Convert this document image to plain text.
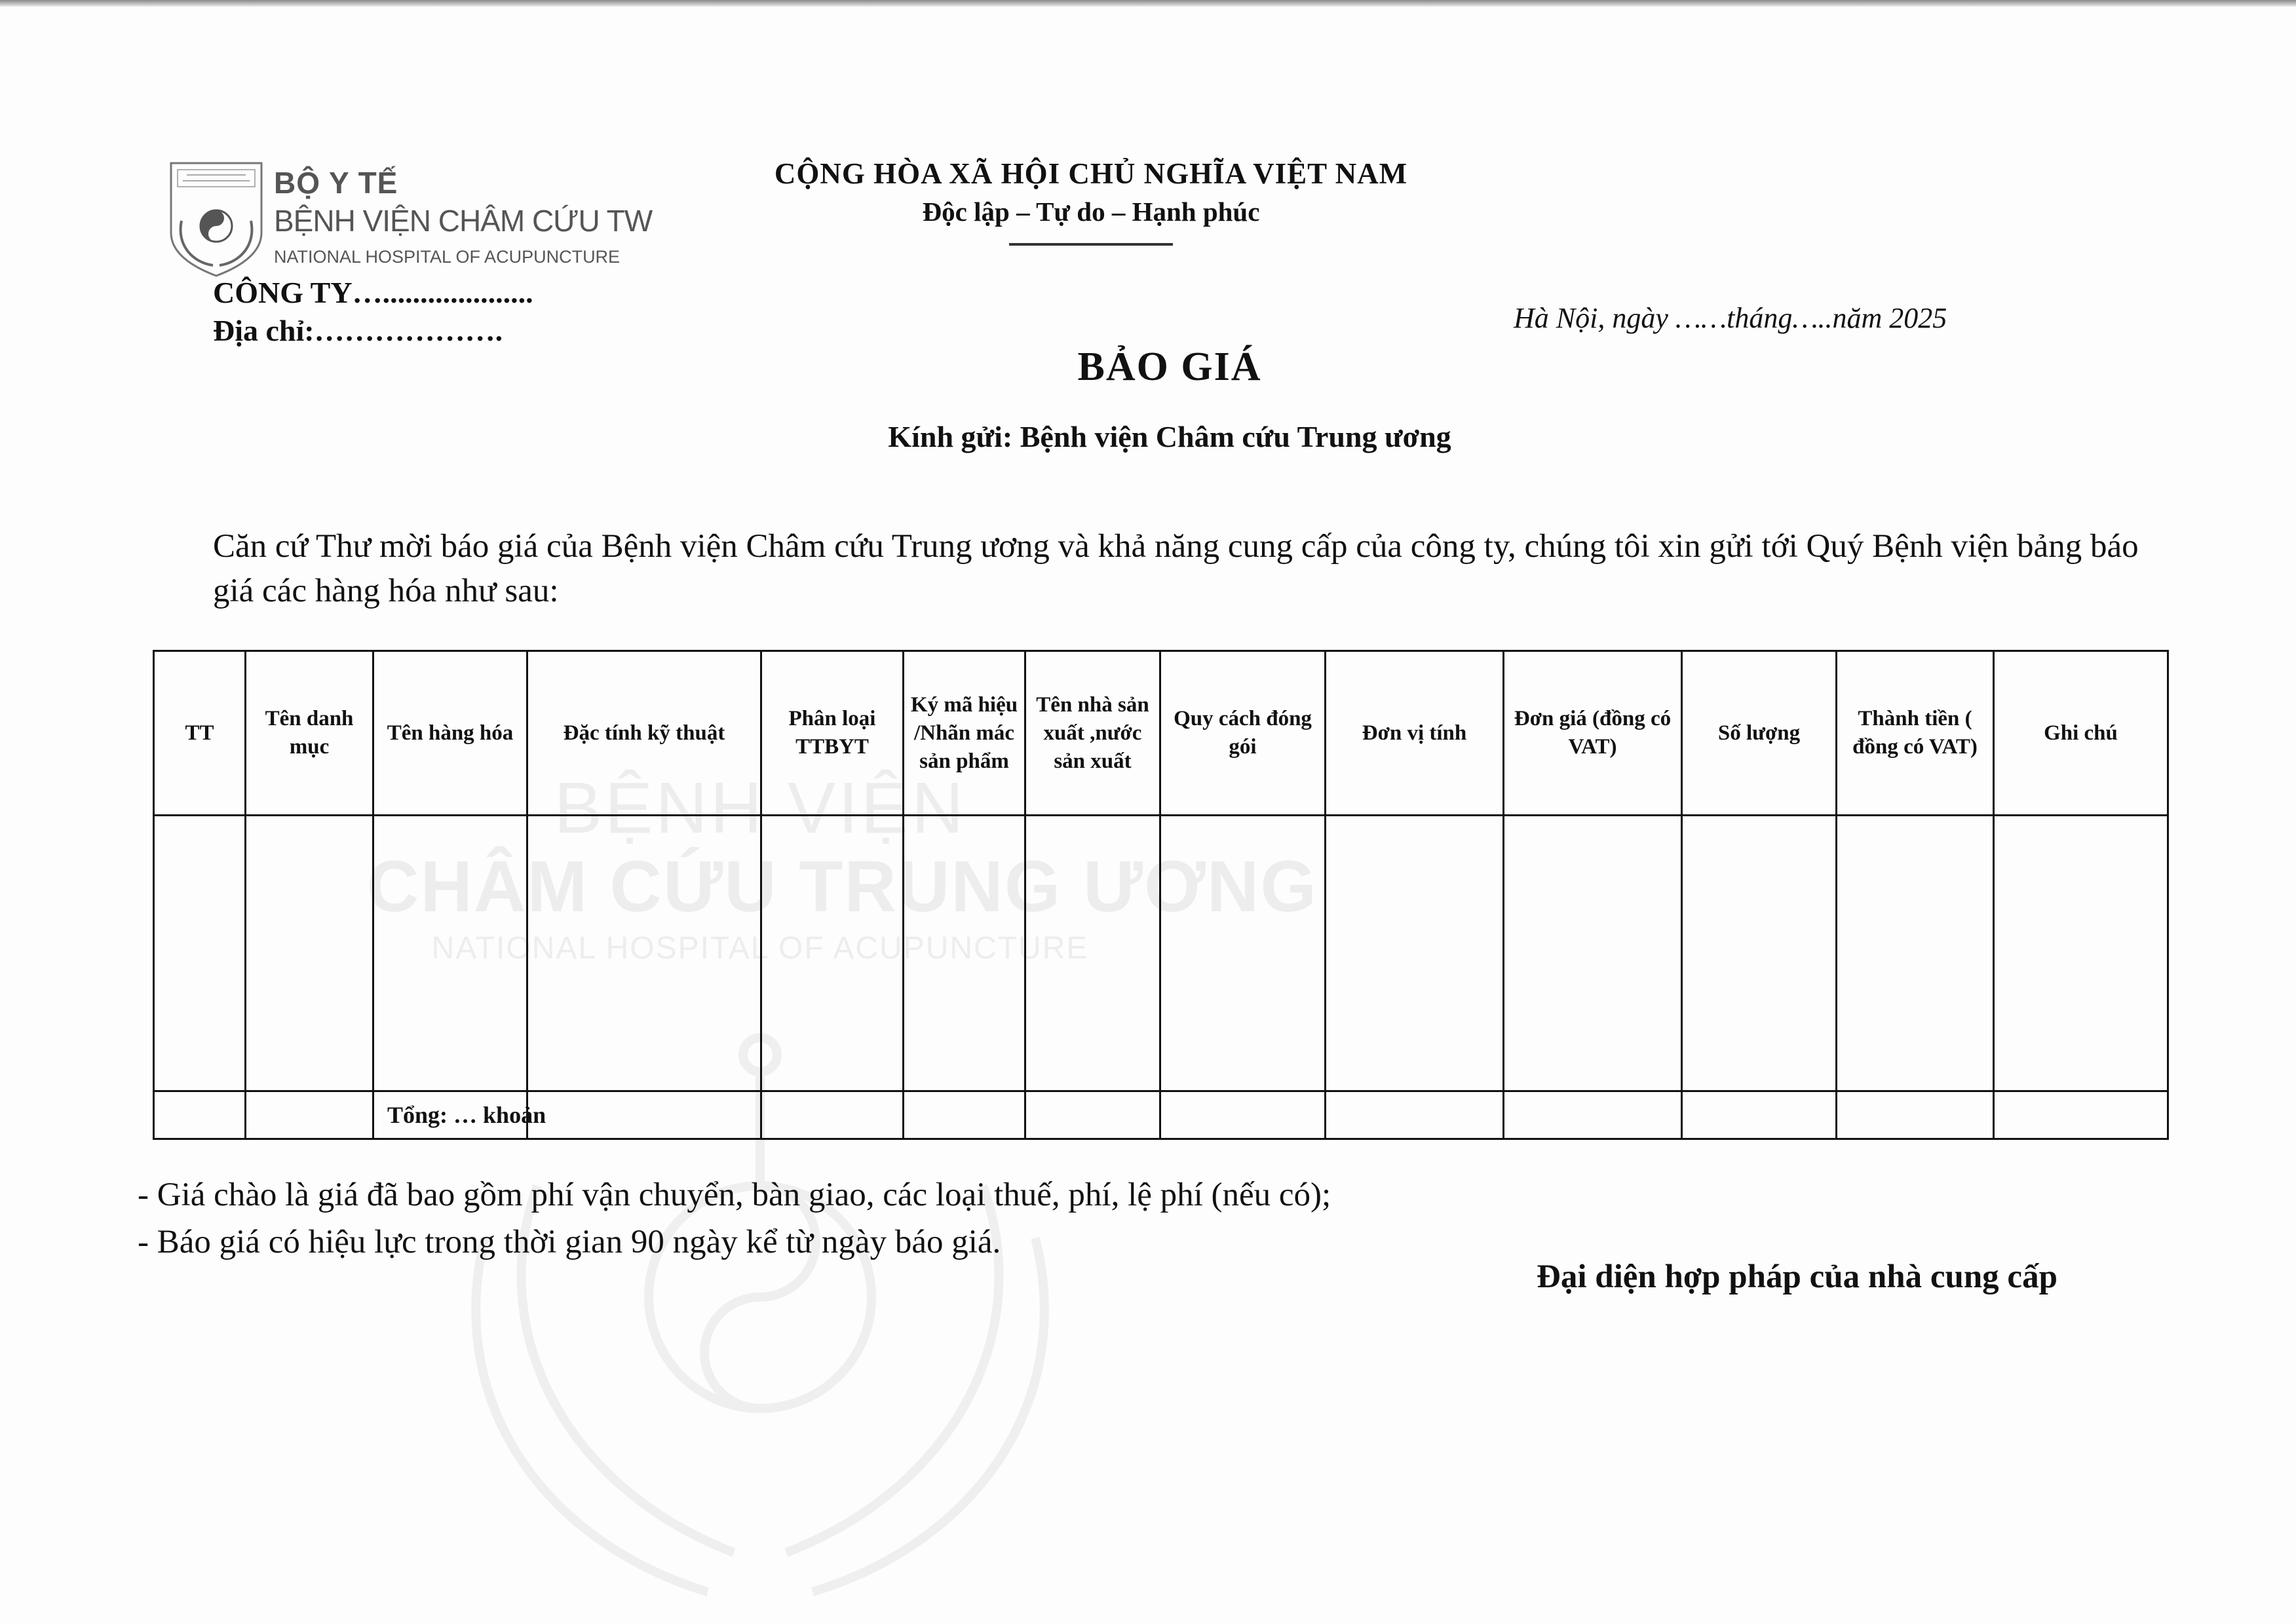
BỆNH VIỆN
CHÂM CỨU TRUNG ƯƠNG
NATIONAL HOSPITAL OF ACUPUNCTURE
BỘ Y TẾ
BỆNH VIỆN CHÂM CỨU TW
NATIONAL HOSPITAL OF ACUPUNCTURE
CÔNG TY…....................
Địa chỉ:……………….
CỘNG HÒA XÃ HỘI CHỦ NGHĨA VIỆT NAM
Độc lập – Tự do – Hạnh phúc
Hà Nội, ngày ……tháng…..năm 2025
BẢO GIÁ
Kính gửi: Bệnh viện Châm cứu Trung ương
Căn cứ Thư mời báo giá của Bệnh viện Châm cứu Trung ương và khả năng cung cấp của công ty, chúng tôi xin gửi tới Quý Bệnh viện bảng báo giá các hàng hóa như sau:
TT	Tên danh mục	Tên hàng hóa	Đặc tính kỹ thuật	Phân loại TTBYT	Ký mã hiệu /Nhãn mác sản phẩm	Tên nhà sản xuất ,nước sản xuất	Quy cách đóng gói	Đơn vị tính	Đơn giá (đồng có VAT)	Số lượng	Thành tiền ( đồng có VAT)	Ghi chú

		Tổng: … khoản										
- Giá chào là giá đã bao gồm phí vận chuyển, bàn giao, các loại thuế, phí, lệ phí (nếu có);
- Báo giá có hiệu lực trong thời gian 90 ngày kể từ ngày báo giá.
Đại diện hợp pháp của nhà cung cấp
